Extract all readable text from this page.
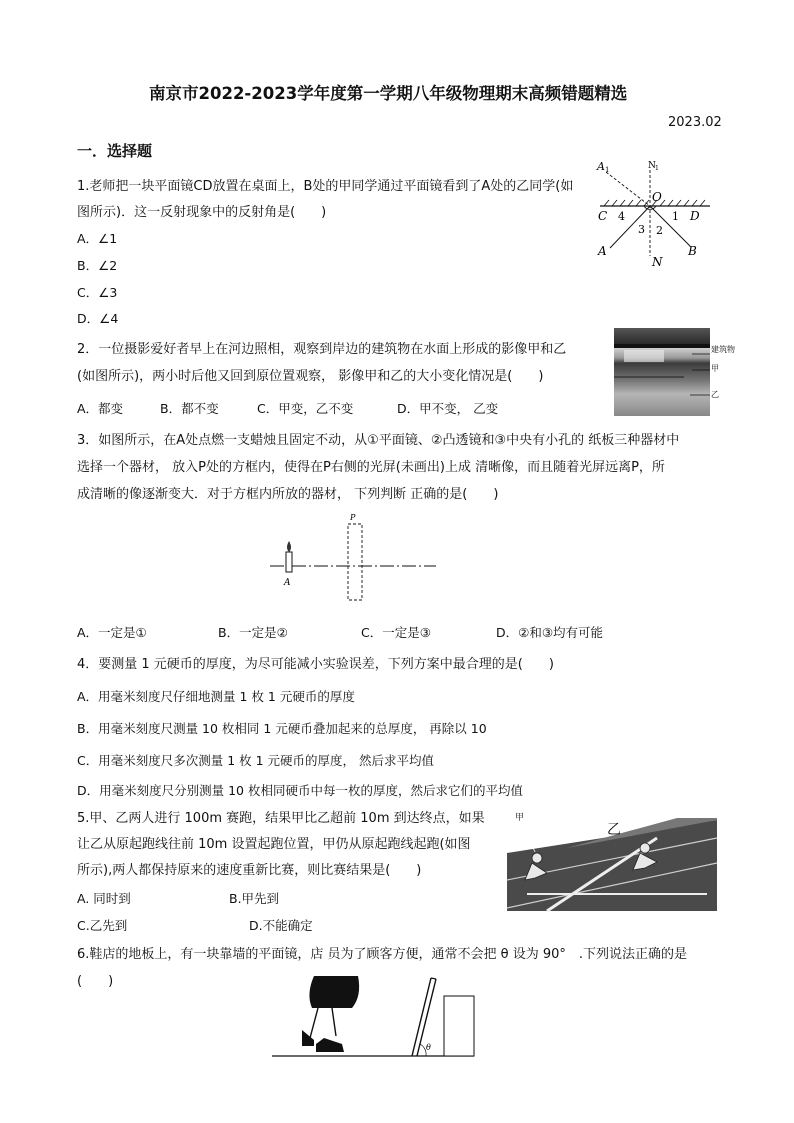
南京市2022-2023学年度第一学期八年级物理期末高频错题精选
2023.02
一．选择题
1.老师把一块平面镜CD放置在桌面上，B处的甲同学通过平面镜看到了A处的乙同学(如
图所示)．这一反射现象中的反射角是(　　)
A．∠1
B．∠2
C．∠3
D．∠4
A 1	N 1
O
C 4	1 D
3 2
A	B
N
2．一位摄影爱好者早上在河边照相，观察到岸边的建筑物在水面上形成的影像甲和乙
(如图所示)，两小时后他又回到原位置观察， 影像甲和乙的大小变化情况是(　　)
A．都变	B．都不变	C．甲变，乙不变	D．甲不变， 乙变
建筑物
甲
乙
3．如图所示，在A处点燃一支蜡烛且固定不动，从①平面镜、②凸透镜和③中央有小孔的 纸板三种器材中
选择一个器材， 放入P处的方框内，使得在P右侧的光屏(未画出)上成 清晰像，而且随着光屏远离P，所
成清晰的像逐渐变大．对于方框内所放的器材， 下列判断 正确的是(　　)
A
P
A．一定是①	B．一定是②	C．一定是③	D．②和③均有可能
4．要测量 1 元硬币的厚度，为尽可能减小实验误差，下列方案中最合理的是(　　)
A．用毫米刻度尺仔细地测量 1 枚 1 元硬币的厚度
B．用毫米刻度尺测量 10 枚相同 1 元硬币叠加起来的总厚度， 再除以 10
C．用毫米刻度尺多次测量 1 枚 1 元硬币的厚度， 然后求平均值
D．用毫米刻度尺分别测量 10 枚相同硬币中每一枚的厚度，然后求它们的平均值
5.甲、乙两人进行 100m 赛跑，结果甲比乙超前 10m 到达终点，如果
让乙从原起跑线往前 10m 设置起跑位置，甲仍从原起跑线起跑(如图
所示),两人都保持原来的速度重新比赛，则比赛结果是(　　)
A. 同时到	B.甲先到
C.乙先到	D.不能确定
甲
乙
6.鞋店的地板上，有一块靠墙的平面镜，店 员为了顾客方便，通常不会把 θ 设为 90°　.下列说法正确的是
(　　)
θ
